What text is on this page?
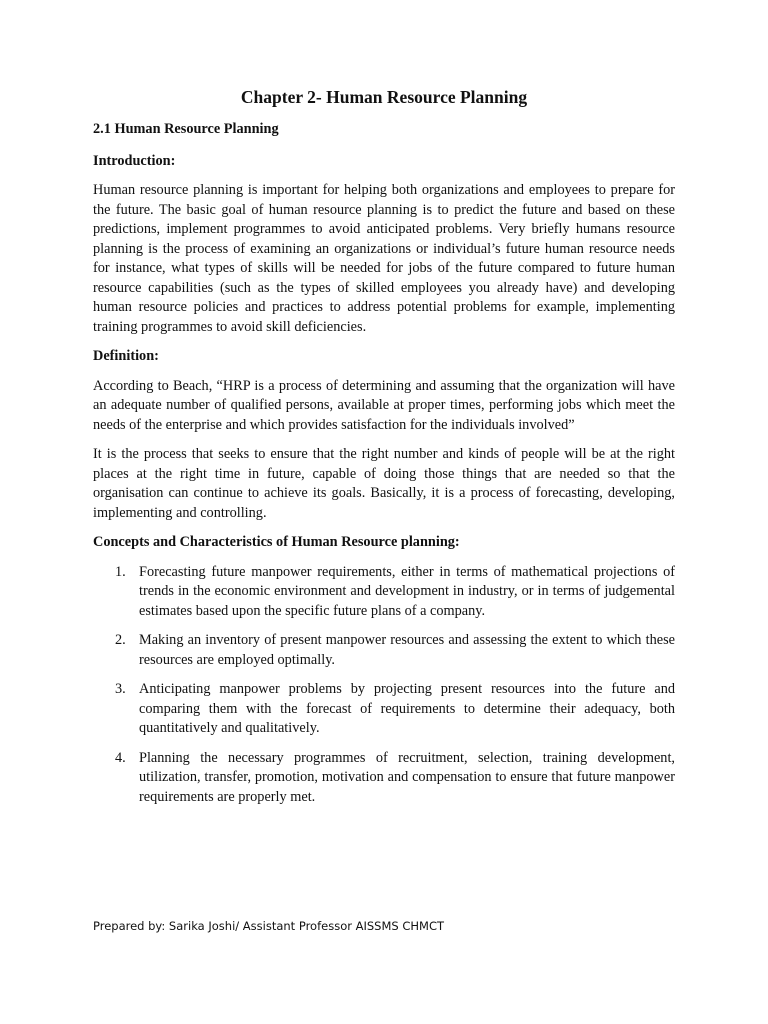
Chapter 2- Human Resource Planning
2.1 Human Resource Planning
Introduction:

Human resource planning is important for helping both organizations and employees to prepare for the future. The basic goal of human resource planning is to predict the future and based on these predictions, implement programmes to avoid anticipated problems. Very briefly humans resource planning is the process of examining an organizations or individual’s future human resource needs for instance, what types of skills will be needed for jobs of the future compared to future human resource capabilities (such as the types of skilled employees you already have) and developing human resource policies and practices to address potential problems for example, implementing training programmes to avoid skill deficiencies.

Definition:

According to Beach, “HRP is a process of determining and assuming that the organization will have an adequate number of qualified persons, available at proper times, performing jobs which meet the needs of the enterprise and which provides satisfaction for the individuals involved”

It is the process that seeks to ensure that the right number and kinds of people will be at the right places at the right time in future, capable of doing those things that are needed so that the organisation can continue to achieve its goals. Basically, it is a process of forecasting, developing, implementing and controlling.

Concepts and Characteristics of Human Resource planning:
1. Forecasting future manpower requirements, either in terms of mathematical projections of trends in the economic environment and development in industry, or in terms of judgemental estimates based upon the specific future plans of a company.
2. Making an inventory of present manpower resources and assessing the extent to which these resources are employed optimally.
3. Anticipating manpower problems by projecting present resources into the future and comparing them with the forecast of requirements to determine their adequacy, both quantitatively and qualitatively.
4. Planning the necessary programmes of recruitment, selection, training development, utilization, transfer, promotion, motivation and compensation to ensure that future manpower requirements are properly met.
Prepared by: Sarika Joshi/ Assistant Professor AISSMS CHMCT
